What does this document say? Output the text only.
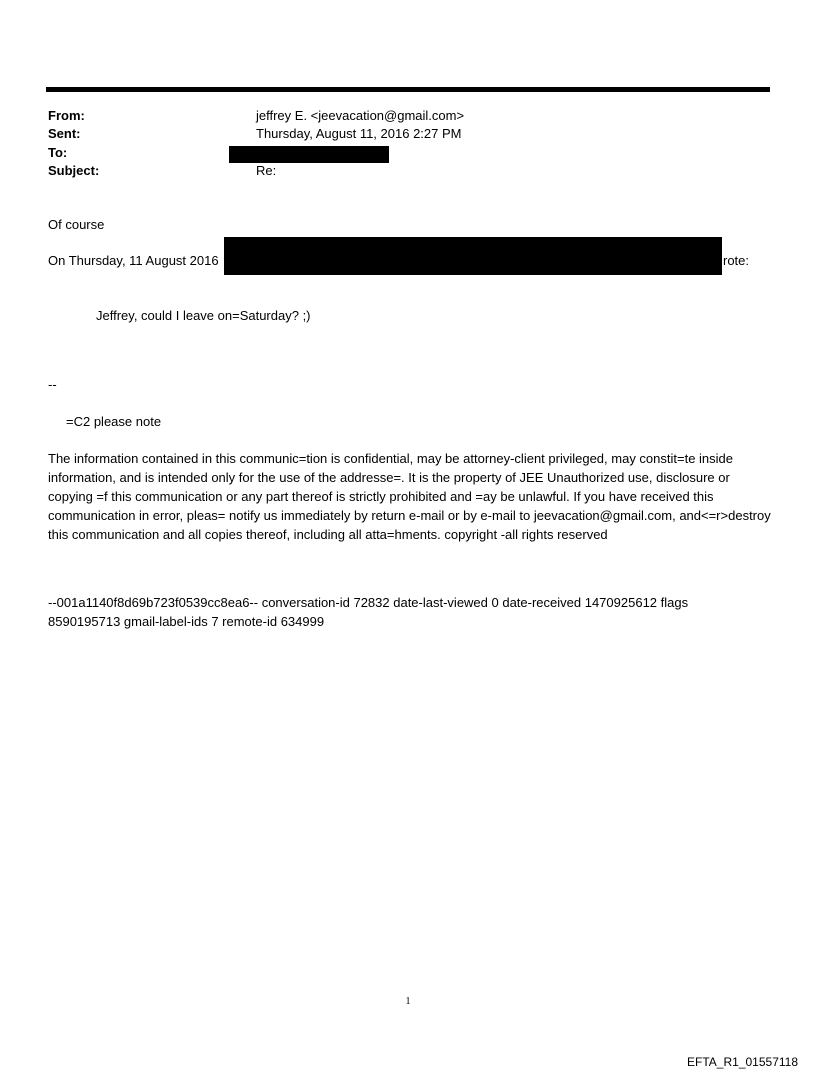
From:	jeffrey E. <jeevacation@gmail.com>
Sent:	Thursday, August 11, 2016 2:27 PM
To:
Subject:	Re:
Of course
On Thursday, 11 August 2016	rote:
Jeffrey, could I leave on=Saturday? ;)
--
=C2 please note
The information contained in this communic=tion is confidential, may be attorney-client privileged, may constit=te inside information, and is intended only for the use of the addresse=. It is the property of JEE Unauthorized use, disclosure or copying =f this communication or any part thereof is strictly prohibited and =ay be unlawful. If you have received this communication in error, pleas= notify us immediately by return e-mail or by e-mail to jeevacation@gmail.com, and<=r>destroy this communication and all copies thereof, including all atta=hments. copyright -all rights reserved
--001a1140f8d69b723f0539cc8ea6-- conversation-id 72832 date-last-viewed 0 date-received 1470925612 flags 8590195713 gmail-label-ids 7 remote-id 634999
1
EFTA_R1_01557118
